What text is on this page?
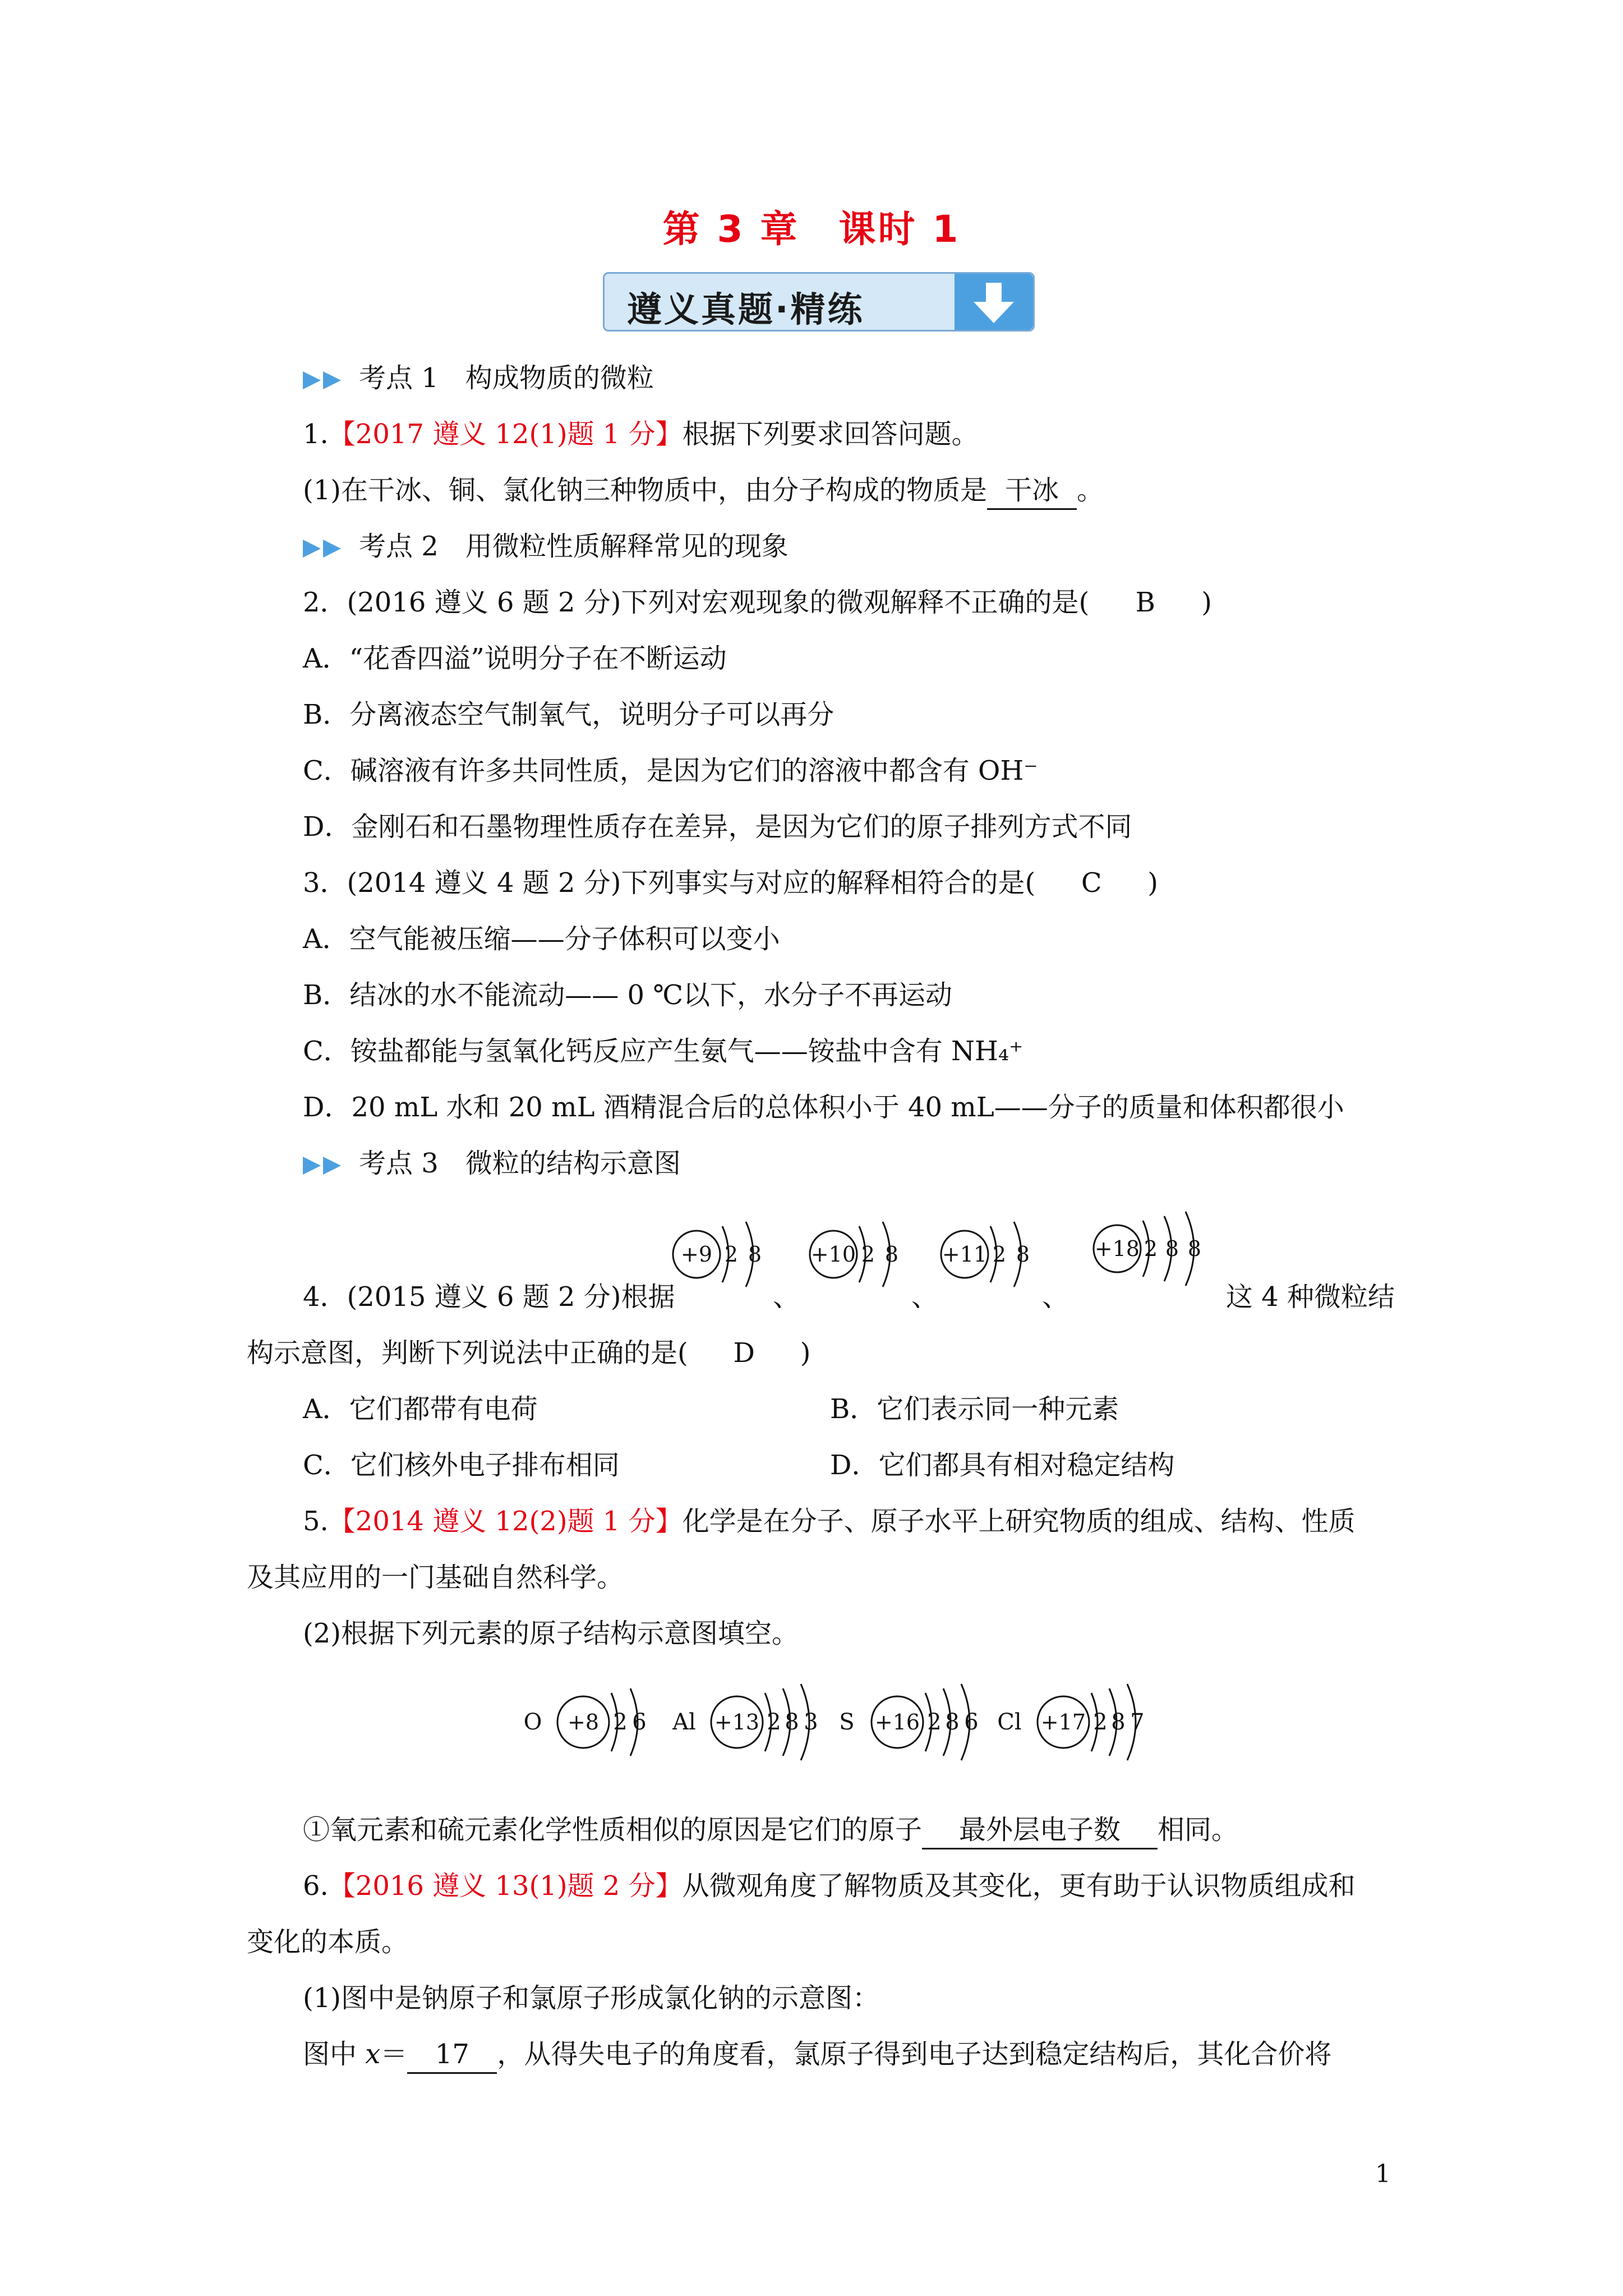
第 3 章　课时 1
遵义真题·精练
考点 1  构成物质的微粒
1.【2017 遵义 12(1)题 1 分】根据下列要求回答问题。
(1)在干冰、铜、氯化钠三种物质中，由分子构成的物质是 干冰 。
考点 2  用微粒性质解释常见的现象
2．(2016 遵义 6 题 2 分)下列对宏观现象的微观解释不正确的是( B )
A．“花香四溢”说明分子在不断运动
B．分离液态空气制氧气，说明分子可以再分
C．碱溶液有许多共同性质，是因为它们的溶液中都含有 OH⁻
D．金刚石和石墨物理性质存在差异，是因为它们的原子排列方式不同
3．(2014 遵义 4 题 2 分)下列事实与对应的解释相符合的是( C )
A．空气能被压缩——分子体积可以变小
B．结冰的水不能流动—— 0 ℃以下，水分子不再运动
C．铵盐都能与氢氧化钙反应产生氨气——铵盐中含有 NH₄⁺
D．20 mL 水和 20 mL 酒精混合后的总体积小于 40 mL——分子的质量和体积都很小
考点 3  微粒的结构示意图
4．(2015 遵义 6 题 2 分)根据	、	、	、	这 4 种微粒结
+9 2 8 +10 2 8 +11 2 8	+18 2 8 8
构示意图，判断下列说法中正确的是( D )
A．它们都带有电荷	B．它们表示同一种元素
C．它们核外电子排布相同	D．它们都具有相对稳定结构
5.【2014 遵义 12(2)题 1 分】化学是在分子、原子水平上研究物质的组成、结构、性质
及其应用的一门基础自然科学。
(2)根据下列元素的原子结构示意图填空。
O +8 2 6 Al +13 2 8 3 S +16 2 8 6 Cl +17 2 8 7
①氧元素和硫元素化学性质相似的原因是它们的原子 最外层电子数 相同。
6.【2016 遵义 13(1)题 2 分】从微观角度了解物质及其变化，更有助于认识物质组成和
变化的本质。
(1)图中是钠原子和氯原子形成氯化钠的示意图：
图中 x＝ 17 ，从得失电子的角度看，氯原子得到电子达到稳定结构后，其化合价将
1
